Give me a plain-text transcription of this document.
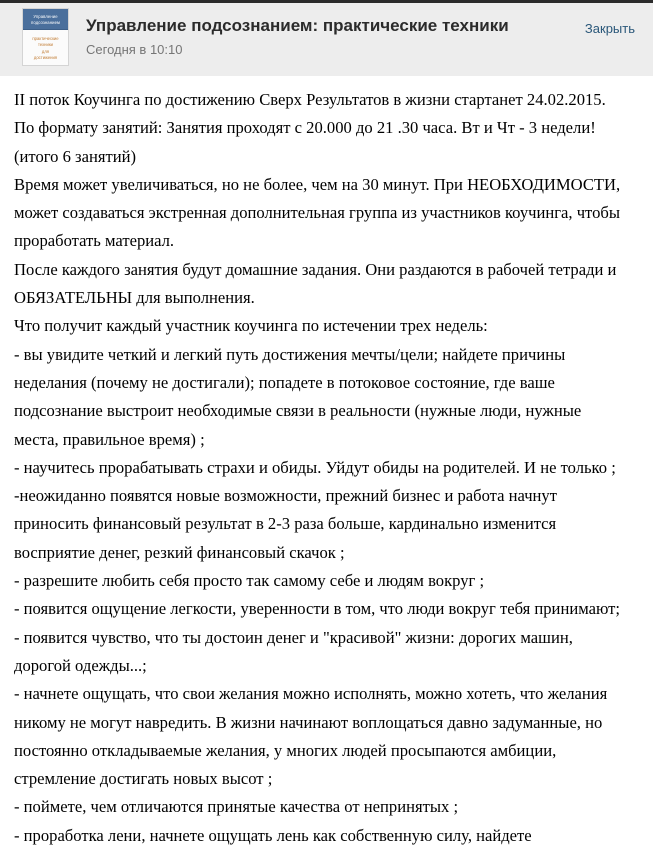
Управление
подсознанием
практические
техники
для
достижения
Управление подсознанием: практические техники
Сегодня в 10:10
Закрыть

II поток Коучинга по достижению Сверх Результатов в жизни стартанет 24.02.2015.

По формату занятий: Занятия проходят с 20.000 до 21 .30 часа. Вт и Чт - 3 недели! (итого 6 занятий)

Время может увеличиваться, но не более, чем на 30 минут. При НЕОБХОДИМОСТИ, может создаваться экстренная дополнительная группа из участников коучинга, чтобы проработать материал.

После каждого занятия будут домашние задания. Они раздаются в рабочей тетради и ОБЯЗАТЕЛЬНЫ для выполнения.

Что получит каждый участник коучинга по истечении трех недель:

- вы увидите четкий и легкий путь достижения мечты/цели; найдете причины неделания (почему не достигали); попадете в потоковое состояние, где ваше подсознание выстроит необходимые связи в реальности (нужные люди, нужные места, правильное время) ;

- научитесь прорабатывать страхи и обиды. Уйдут обиды на родителей. И не только ;

-неожиданно появятся новые возможности, прежний бизнес и работа начнут приносить финансовый результат в 2-3 раза больше, кардинально изменится восприятие денег, резкий финансовый скачок ;

- разрешите любить себя просто так самому себе и людям вокруг ;

- появится ощущение легкости, уверенности в том, что люди вокруг тебя принимают;

- появится чувство, что ты достоин денег и "красивой" жизни: дорогих машин, дорогой одежды...;

- начнете ощущать, что свои желания можно исполнять, можно хотеть, что желания никому не могут навредить. В жизни начинают воплощаться давно задуманные, но постоянно откладываемые желания, у многих людей просыпаются амбиции, стремление достигать новых высот ;

- поймете, чем отличаются принятые качества от непринятых ;

- проработка лени, начнете ощущать лень как собственную силу, найдете
